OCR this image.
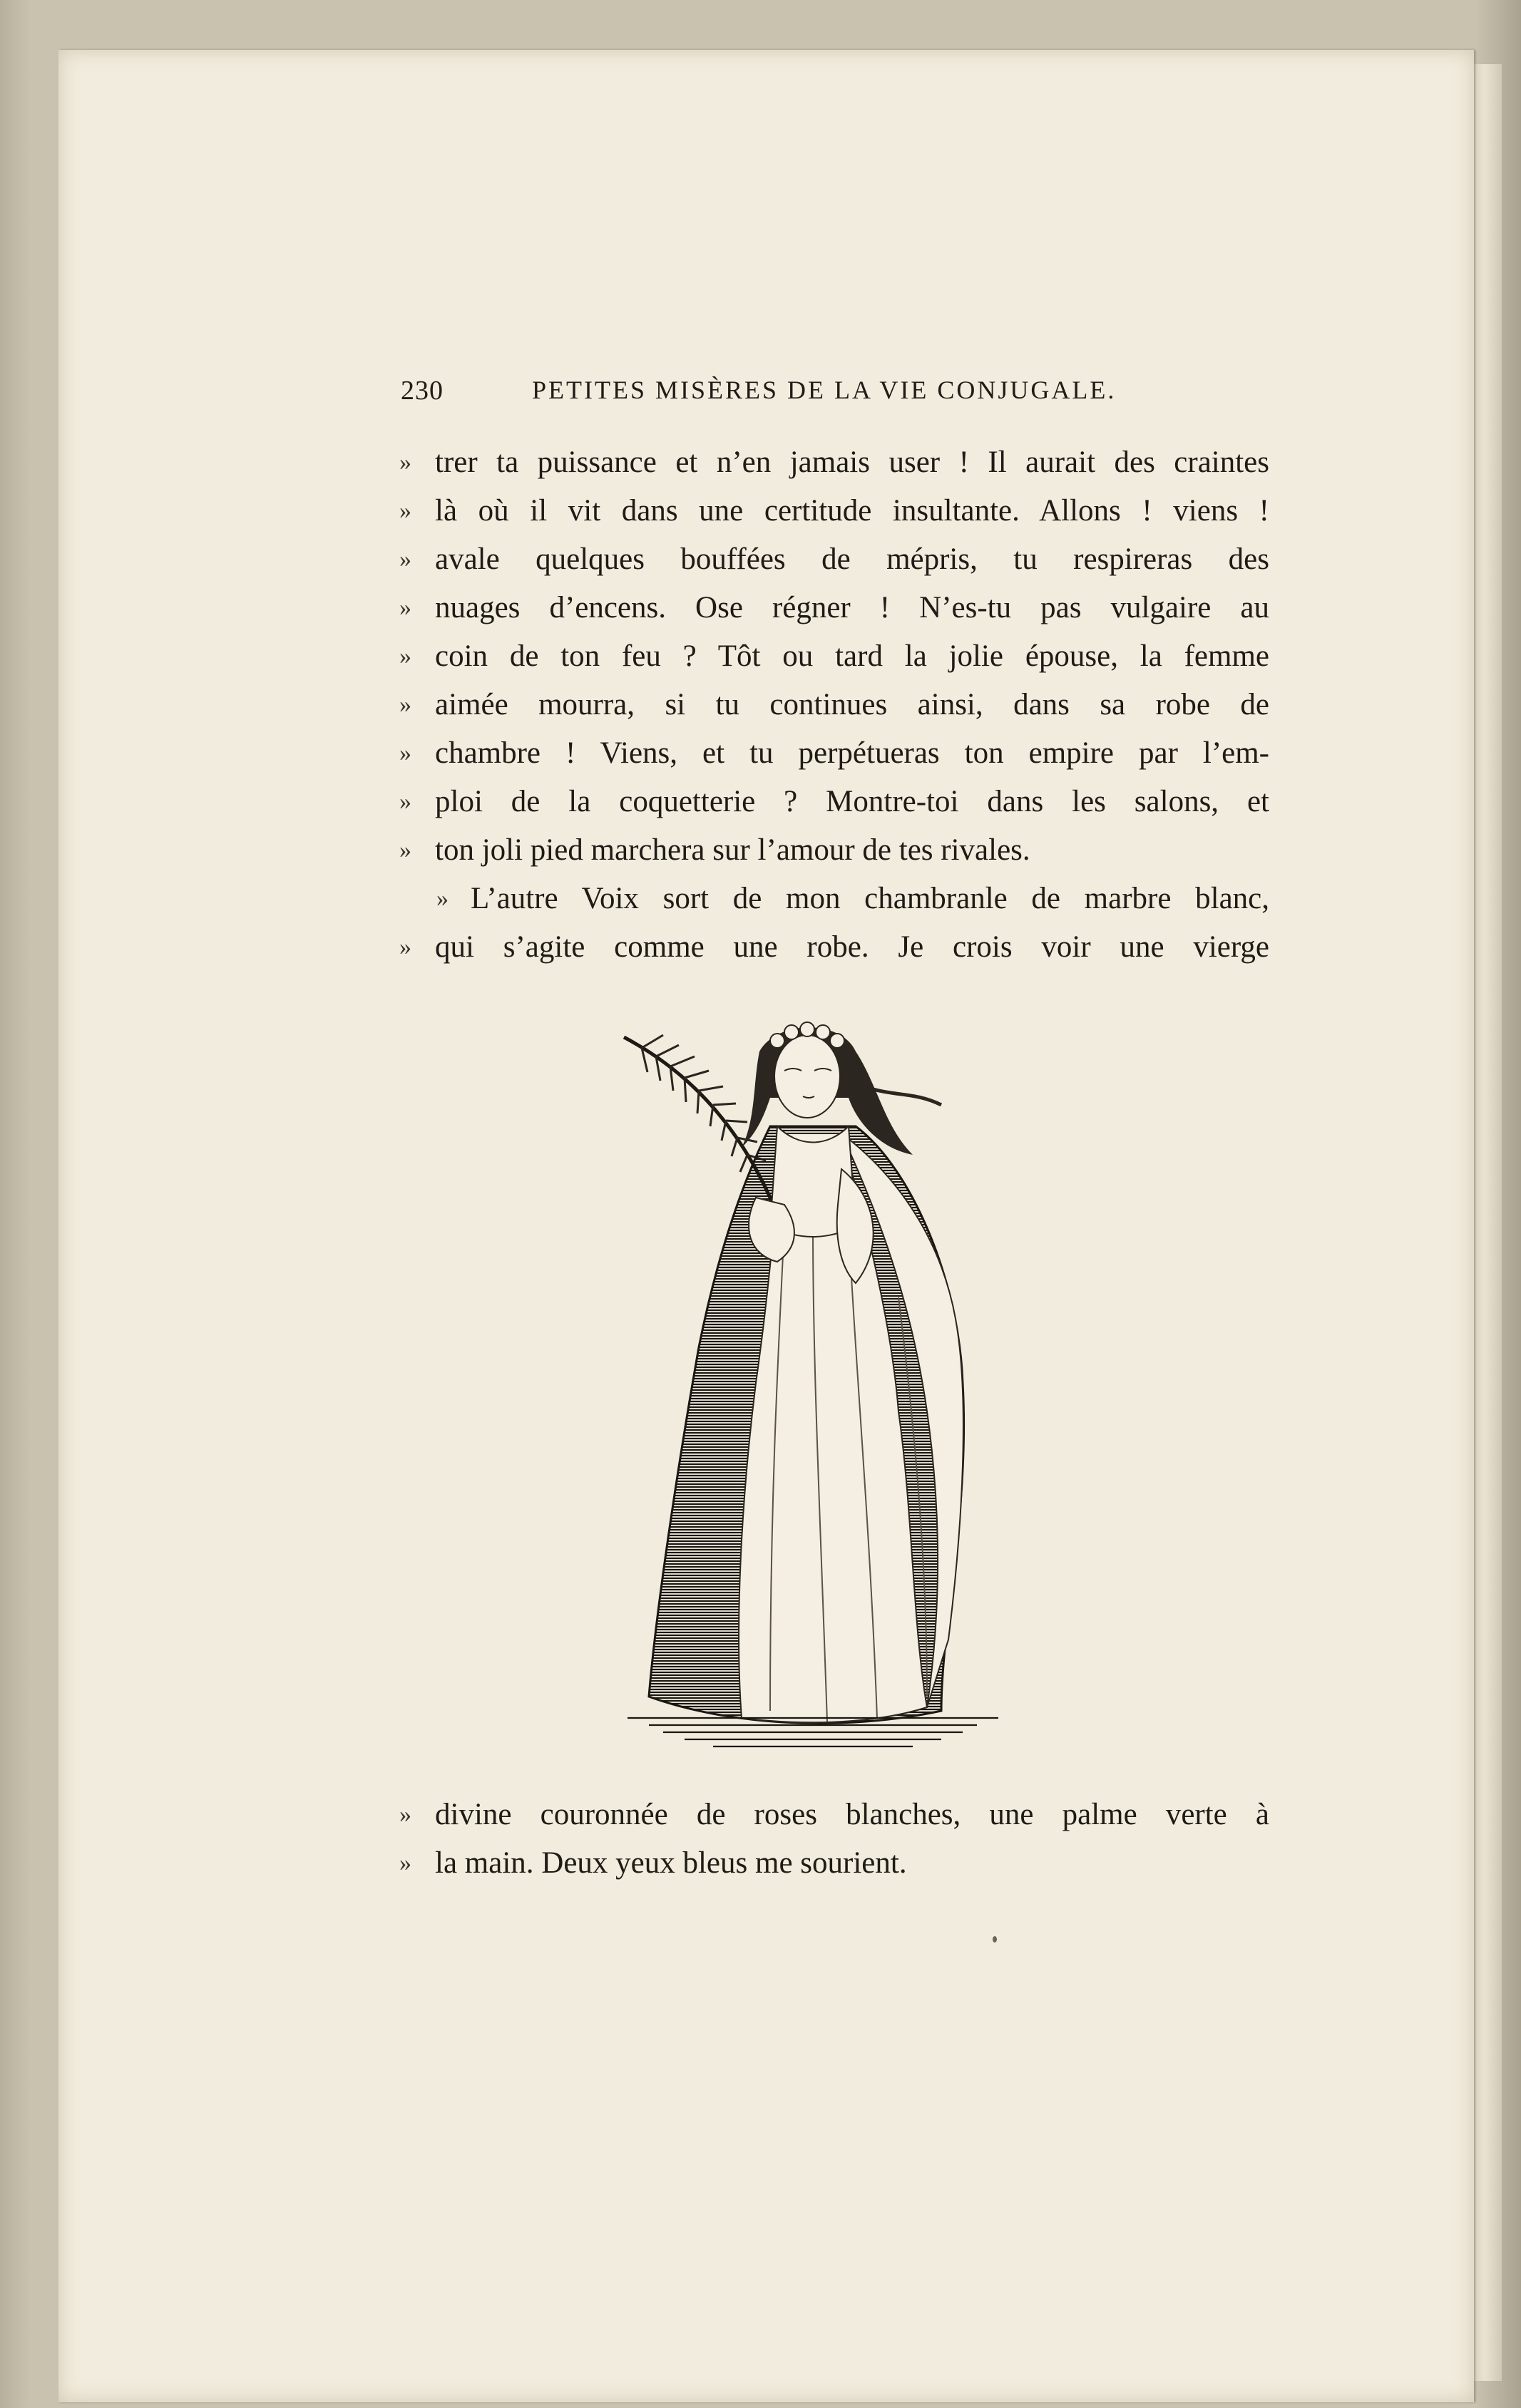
230	PETITES MISÈRES DE LA VIE CONJUGALE.
» trer ta puissance et n’en jamais user ! Il aurait des craintes
» là où il vit dans une certitude insultante. Allons ! viens !
» avale quelques bouffées de mépris, tu respireras des
» nuages d’encens. Ose régner ! N’es-tu pas vulgaire au
» coin de ton feu ? Tôt ou tard la jolie épouse, la femme
» aimée mourra, si tu continues ainsi, dans sa robe de
» chambre ! Viens, et tu perpétueras ton empire par l’em-
» ploi de la coquetterie ? Montre-toi dans les salons, et
» ton joli pied marchera sur l’amour de tes rivales.
» L’autre Voix sort de mon chambranle de marbre blanc,
» qui s’agite comme une robe. Je crois voir une vierge
» divine couronnée de roses blanches, une palme verte à
» la main. Deux yeux bleus me sourient.
